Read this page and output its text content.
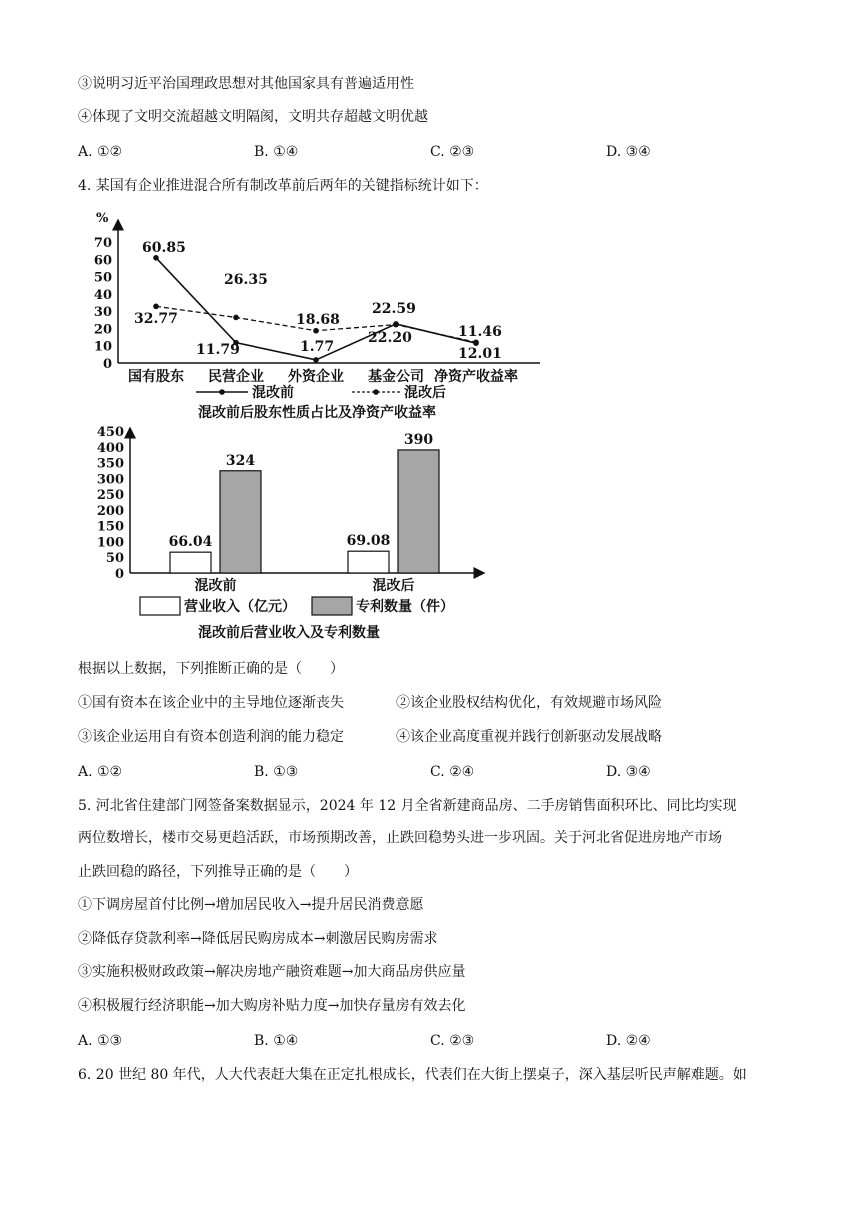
③说明习近平治国理政思想对其他国家具有普遍适用性
④体现了文明交流超越文明隔阂，文明共存超越文明优越
A. ①②	B. ①④	C. ②③	D. ③④
4. 某国有企业推进混合所有制改革前后两年的关键指标统计如下：
%
0
10
20
30
40
50
60
70
国有股东 民营企业 外资企业 基金公司 净资产收益率
60.85
26.35
32.77	18.68
22.59
11.79	1.77
22.20	11.46
12.01
混改前	混改后
混改前后股东性质占比及净资产收益率
0
50
100
150
200
250
300
350
400
450
66.04
324
混改前
69.08
390
混改后
营业收入（亿元）	专利数量（件）
混改前后营业收入及专利数量
根据以上数据，下列推断正确的是（　　）
①国有资本在该企业中的主导地位逐渐丧失	②该企业股权结构优化，有效规避市场风险
③该企业运用自有资本创造利润的能力稳定	④该企业高度重视并践行创新驱动发展战略
A. ①②	B. ①③	C. ②④	D. ③④
5. 河北省住建部门网签备案数据显示，2024 年 12 月全省新建商品房、二手房销售面积环比、同比均实现
两位数增长，楼市交易更趋活跃，市场预期改善，止跌回稳势头进一步巩固。关于河北省促进房地产市场
止跌回稳的路径，下列推导正确的是（　　）
①下调房屋首付比例→增加居民收入→提升居民消费意愿
②降低存贷款利率→降低居民购房成本→刺激居民购房需求
③实施积极财政政策→解决房地产融资难题→加大商品房供应量
④积极履行经济职能→加大购房补贴力度→加快存量房有效去化
A. ①③	B. ①④	C. ②③	D. ②④
6. 20 世纪 80 年代，人大代表赶大集在正定扎根成长，代表们在大街上摆桌子，深入基层听民声解难题。如
